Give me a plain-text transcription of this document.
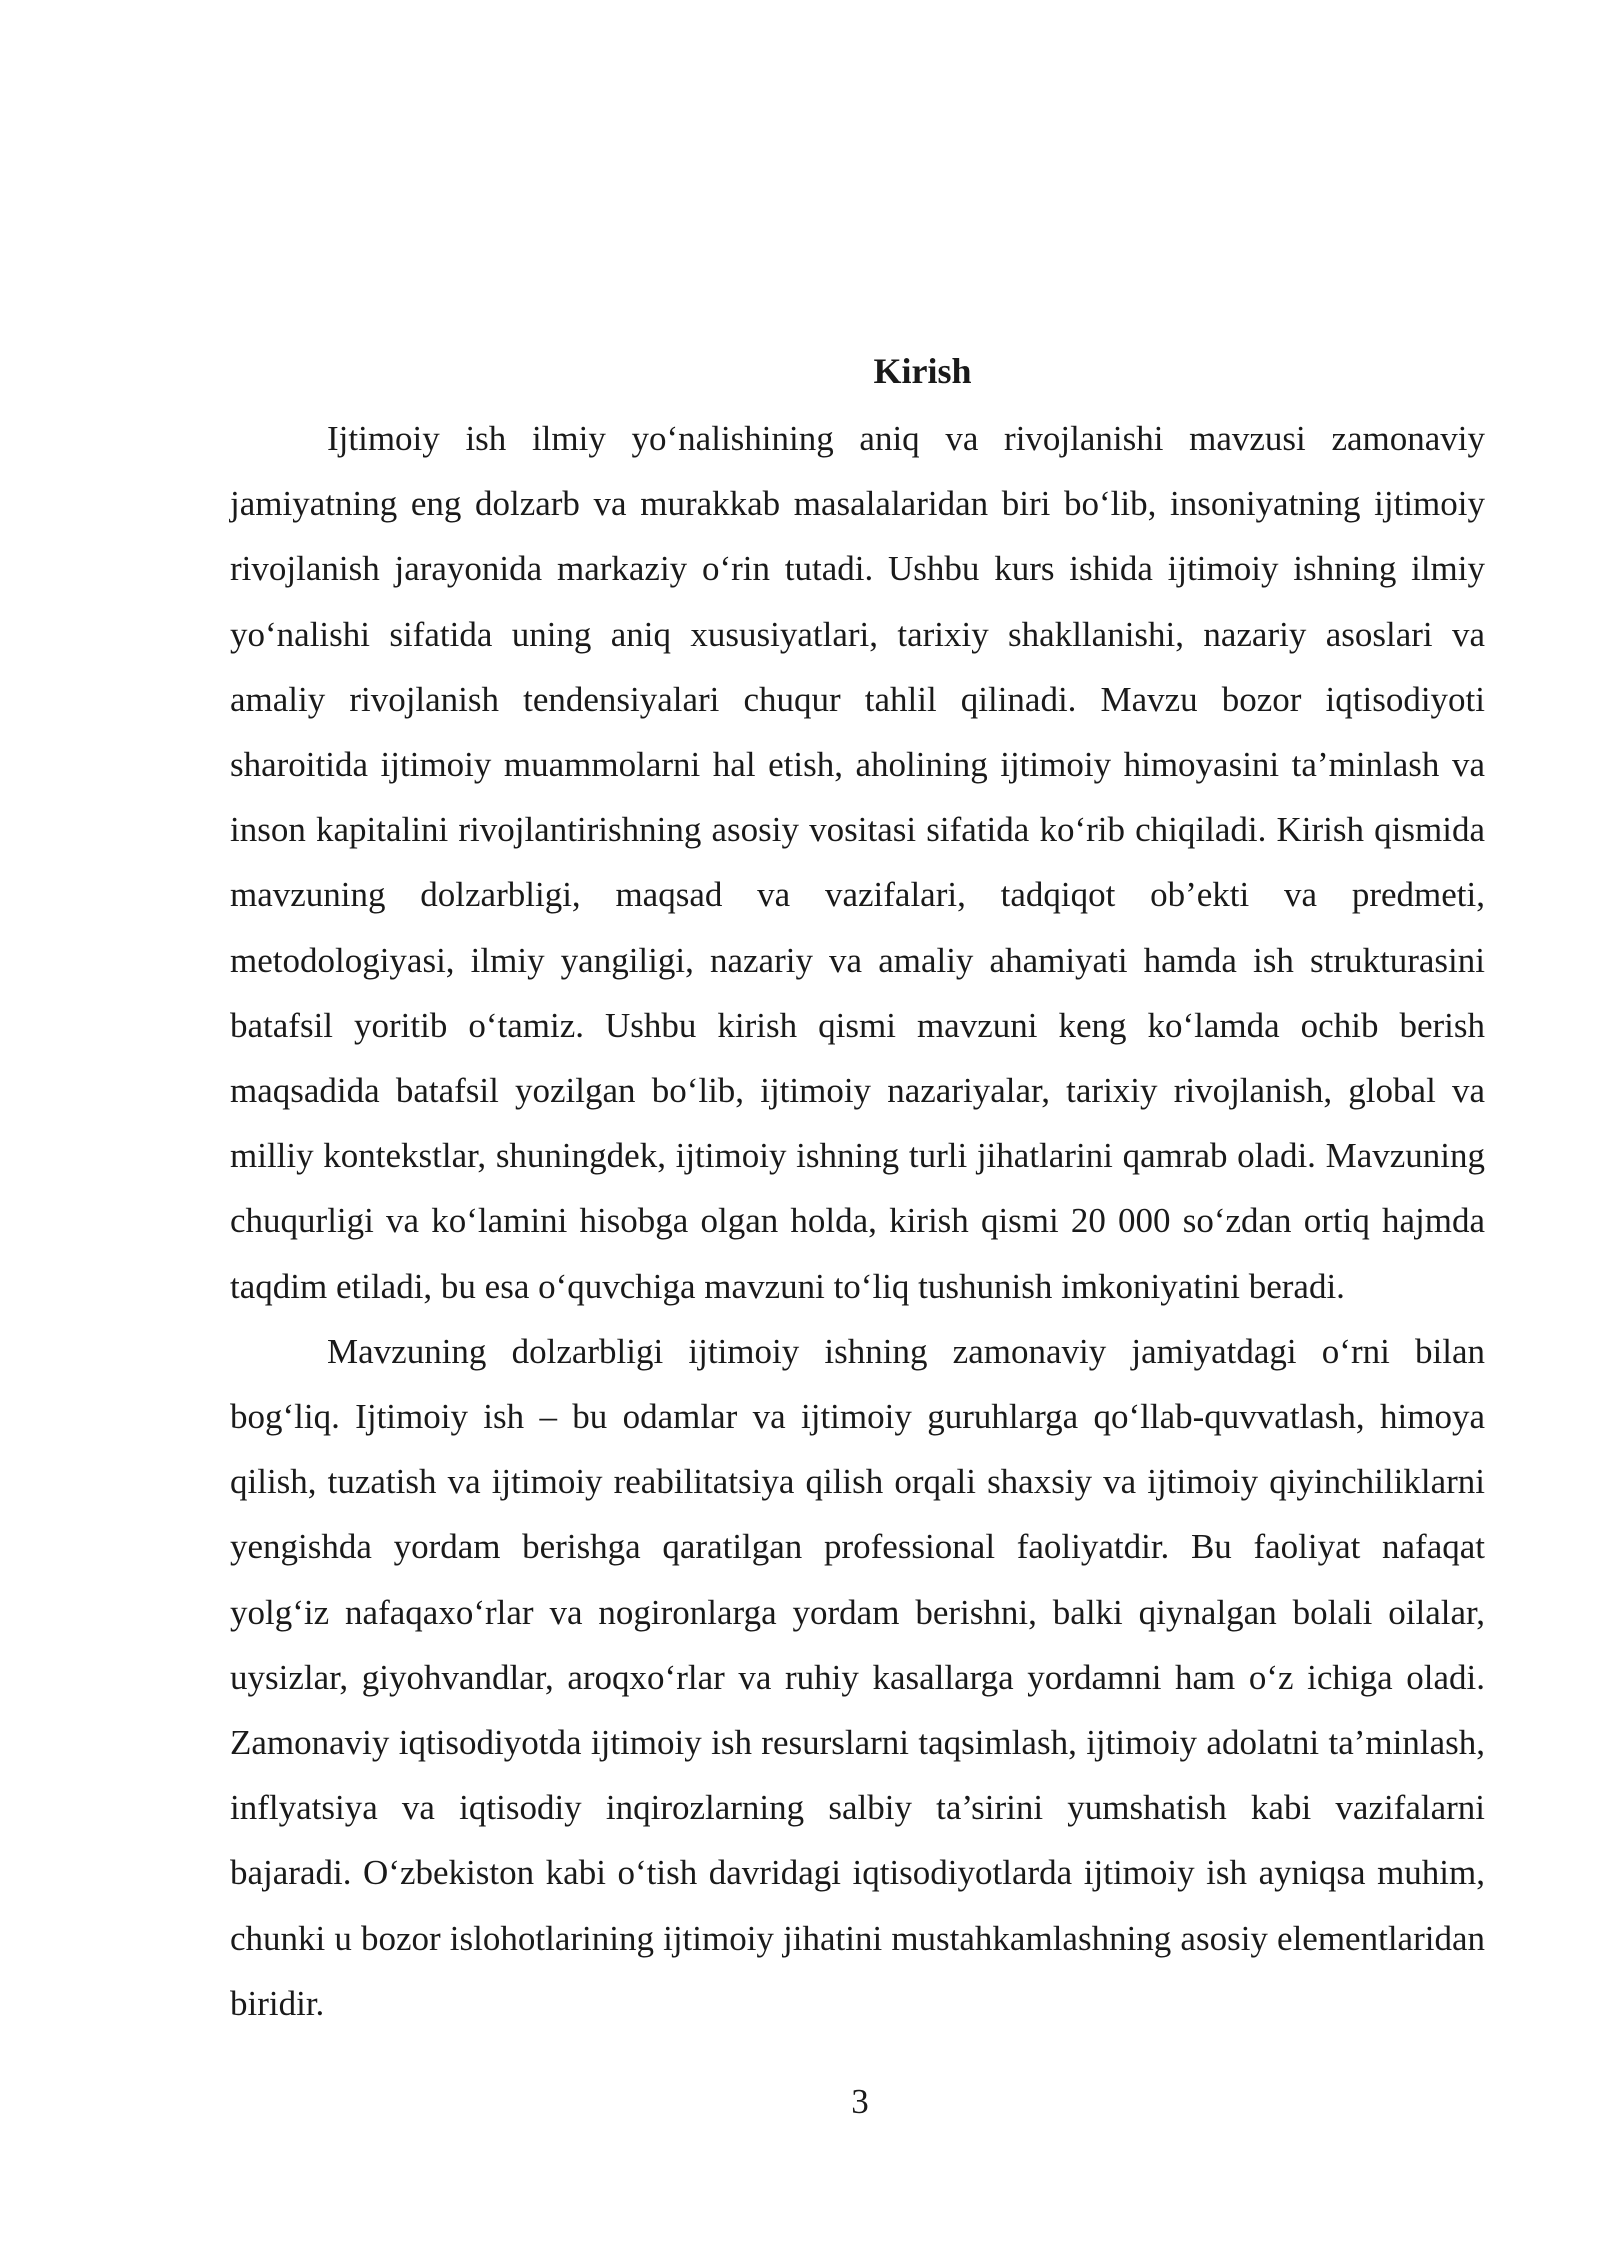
Kirish

Ijtimoiy ish ilmiy yo‘nalishining aniq va rivojlanishi mavzusi zamonaviy jamiyatning eng dolzarb va murakkab masalalaridan biri bo‘lib, insoniyatning ijtimoiy rivojlanish jarayonida markaziy o‘rin tutadi. Ushbu kurs ishida ijtimoiy ishning ilmiy yo‘nalishi sifatida uning aniq xususiyatlari, tarixiy shakllanishi, nazariy asoslari va amaliy rivojlanish tendensiyalari chuqur tahlil qilinadi. Mavzu bozor iqtisodiyoti sharoitida ijtimoiy muammolarni hal etish, aholining ijtimoiy himoyasini ta’minlash va inson kapitalini rivojlantirishning asosiy vositasi sifatida ko‘rib chiqiladi. Kirish qismida mavzuning dolzarbligi, maqsad va vazifalari, tadqiqot ob’ekti va predmeti, metodologiyasi, ilmiy yangiligi, nazariy va amaliy ahamiyati hamda ish strukturasini batafsil yoritib o‘tamiz. Ushbu kirish qismi mavzuni keng ko‘lamda ochib berish maqsadida batafsil yozilgan bo‘lib, ijtimoiy nazariyalar, tarixiy rivojlanish, global va milliy kontekstlar, shuningdek, ijtimoiy ishning turli jihatlarini qamrab oladi. Mavzuning chuqurligi va ko‘lamini hisobga olgan holda, kirish qismi 20 000 so‘zdan ortiq hajmda taqdim etiladi, bu esa o‘quvchiga mavzuni to‘liq tushunish imkoniyatini beradi.

Mavzuning dolzarbligi ijtimoiy ishning zamonaviy jamiyatdagi o‘rni bilan bog‘liq. Ijtimoiy ish – bu odamlar va ijtimoiy guruhlarga qo‘llab-quvvatlash, himoya qilish, tuzatish va ijtimoiy reabilitatsiya qilish orqali shaxsiy va ijtimoiy qiyinchiliklarni yengishda yordam berishga qaratilgan professional faoliyatdir. Bu faoliyat nafaqat yolg‘iz nafaqaxo‘rlar va nogironlarga yordam berishni, balki qiynalgan bolali oilalar, uysizlar, giyohvandlar, aroqxo‘rlar va ruhiy kasallarga yordamni ham o‘z ichiga oladi. Zamonaviy iqtisodiyotda ijtimoiy ish resurslarni taqsimlash, ijtimoiy adolatni ta’minlash, inflyatsiya va iqtisodiy inqirozlarning salbiy ta’sirini yumshatish kabi vazifalarni bajaradi. O‘zbekiston kabi o‘tish davridagi iqtisodiyotlarda ijtimoiy ish ayniqsa muhim, chunki u bozor islohotlarining ijtimoiy jihatini mustahkamlashning asosiy elementlaridan biridir.

3
